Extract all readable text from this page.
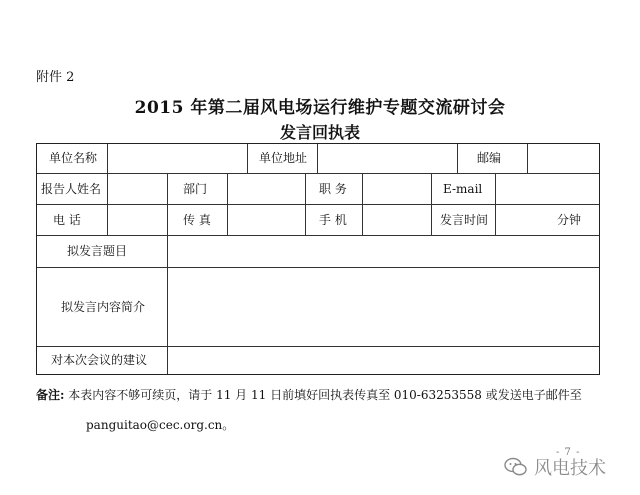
附件 2
2015 年第二届风电场运行维护专题交流研讨会
发言回执表
单位名称	单位地址	邮编
报告人姓名	部门	职 务	E-mail
电 话	传 真	手 机	发言时间	分钟
拟发言题目
拟发言内容简介
对本次会议的建议
备注: 本表内容不够可续页，请于 11 月 11 日前填好回执表传真至 010-63253558 或发送电子邮件至
panguitao@cec.org.cn。
- 7 -
风电技术
